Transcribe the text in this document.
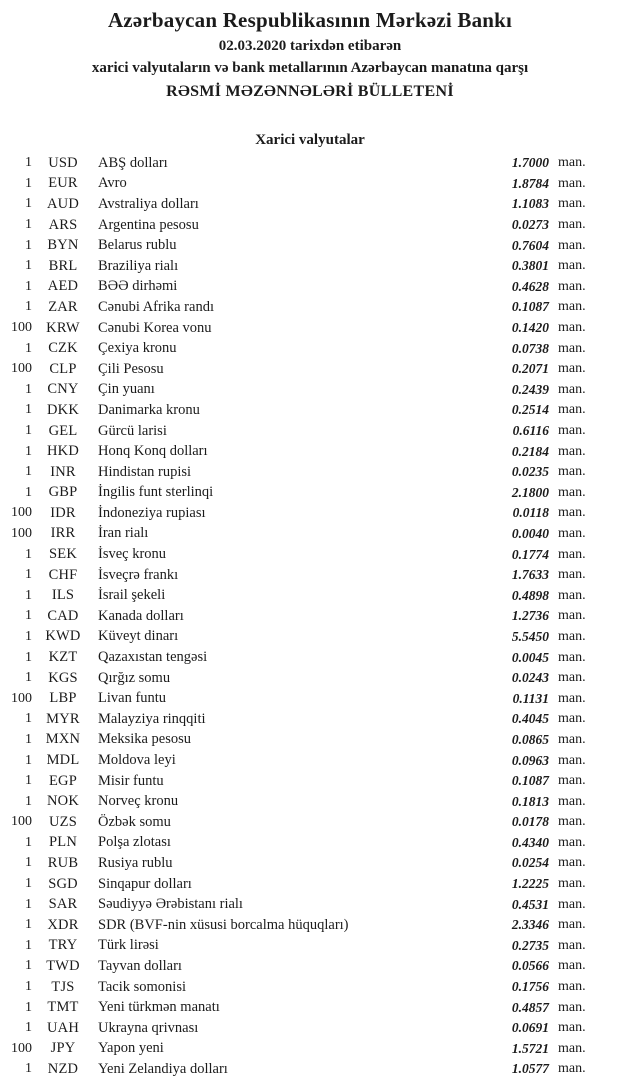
Azərbaycan Respublikasının Mərkəzi Bankı
02.03.2020 tarixdən etibarən
xarici valyutaların və bank metallarının Azərbaycan manatına qarşı
RƏSMİ MƏZƏNNƏLƏRİ BÜLLETENİ
Xarici valyutalar
1	USD	ABŞ dolları	1.7000 man.
1	EUR	Avro	1.8784 man.
1	AUD	Avstraliya dolları	1.1083 man.
1	ARS	Argentina pesosu	0.0273 man.
1	BYN	Belarus rublu	0.7604 man.
1	BRL	Braziliya rialı	0.3801 man.
1	AED	BƏƏ dirhəmi	0.4628 man.
1	ZAR	Cənubi Afrika randı	0.1087 man.
100 KRW	Cənubi Korea vonu	0.1420 man.
1	CZK	Çexiya kronu	0.0738 man.
100	CLP	Çili Pesosu	0.2071 man.
1	CNY	Çin yuanı	0.2439 man.
1	DKK	Danimarka kronu	0.2514 man.
1	GEL	Gürcü larisi	0.6116 man.
1	HKD	Honq Konq dolları	0.2184 man.
1	INR	Hindistan rupisi	0.0235 man.
1	GBP	İngilis funt sterlinqi	2.1800 man.
100	IDR	İndoneziya rupiası	0.0118 man.
100	IRR	İran rialı	0.0040 man.
1	SEK	İsveç kronu	0.1774 man.
1	CHF	İsveçrə frankı	1.7633 man.
1	ILS	İsrail şekeli	0.4898 man.
1	CAD	Kanada dolları	1.2736 man.
1 KWD	Küveyt dinarı	5.5450 man.
1	KZT	Qazaxıstan tengəsi	0.0045 man.
1	KGS	Qırğız somu	0.0243 man.
100	LBP	Livan funtu	0.1131 man.
1 MYR	Malayziya rinqqiti	0.4045 man.
1 MXN	Meksika pesosu	0.0865 man.
1	MDL	Moldova leyi	0.0963 man.
1	EGP	Misir funtu	0.1087 man.
1	NOK	Norveç kronu	0.1813 man.
100	UZS	Özbək somu	0.0178 man.
1	PLN	Polşa zlotası	0.4340 man.
1	RUB	Rusiya rublu	0.0254 man.
1	SGD	Sinqapur dolları	1.2225 man.
1	SAR	Səudiyyə Ərəbistanı rialı	0.4531 man.
1	XDR	SDR (BVF-nin xüsusi borcalma hüquqları)	2.3346 man.
1	TRY	Türk lirəsi	0.2735 man.
1 TWD	Tayvan dolları	0.0566 man.
1	TJS	Tacik somonisi	0.1756 man.
1	TMT	Yeni türkmən manatı	0.4857 man.
1	UAH	Ukrayna qrivnası	0.0691 man.
100	JPY	Yapon yeni	1.5721 man.
1	NZD	Yeni Zelandiya dolları	1.0577 man.
